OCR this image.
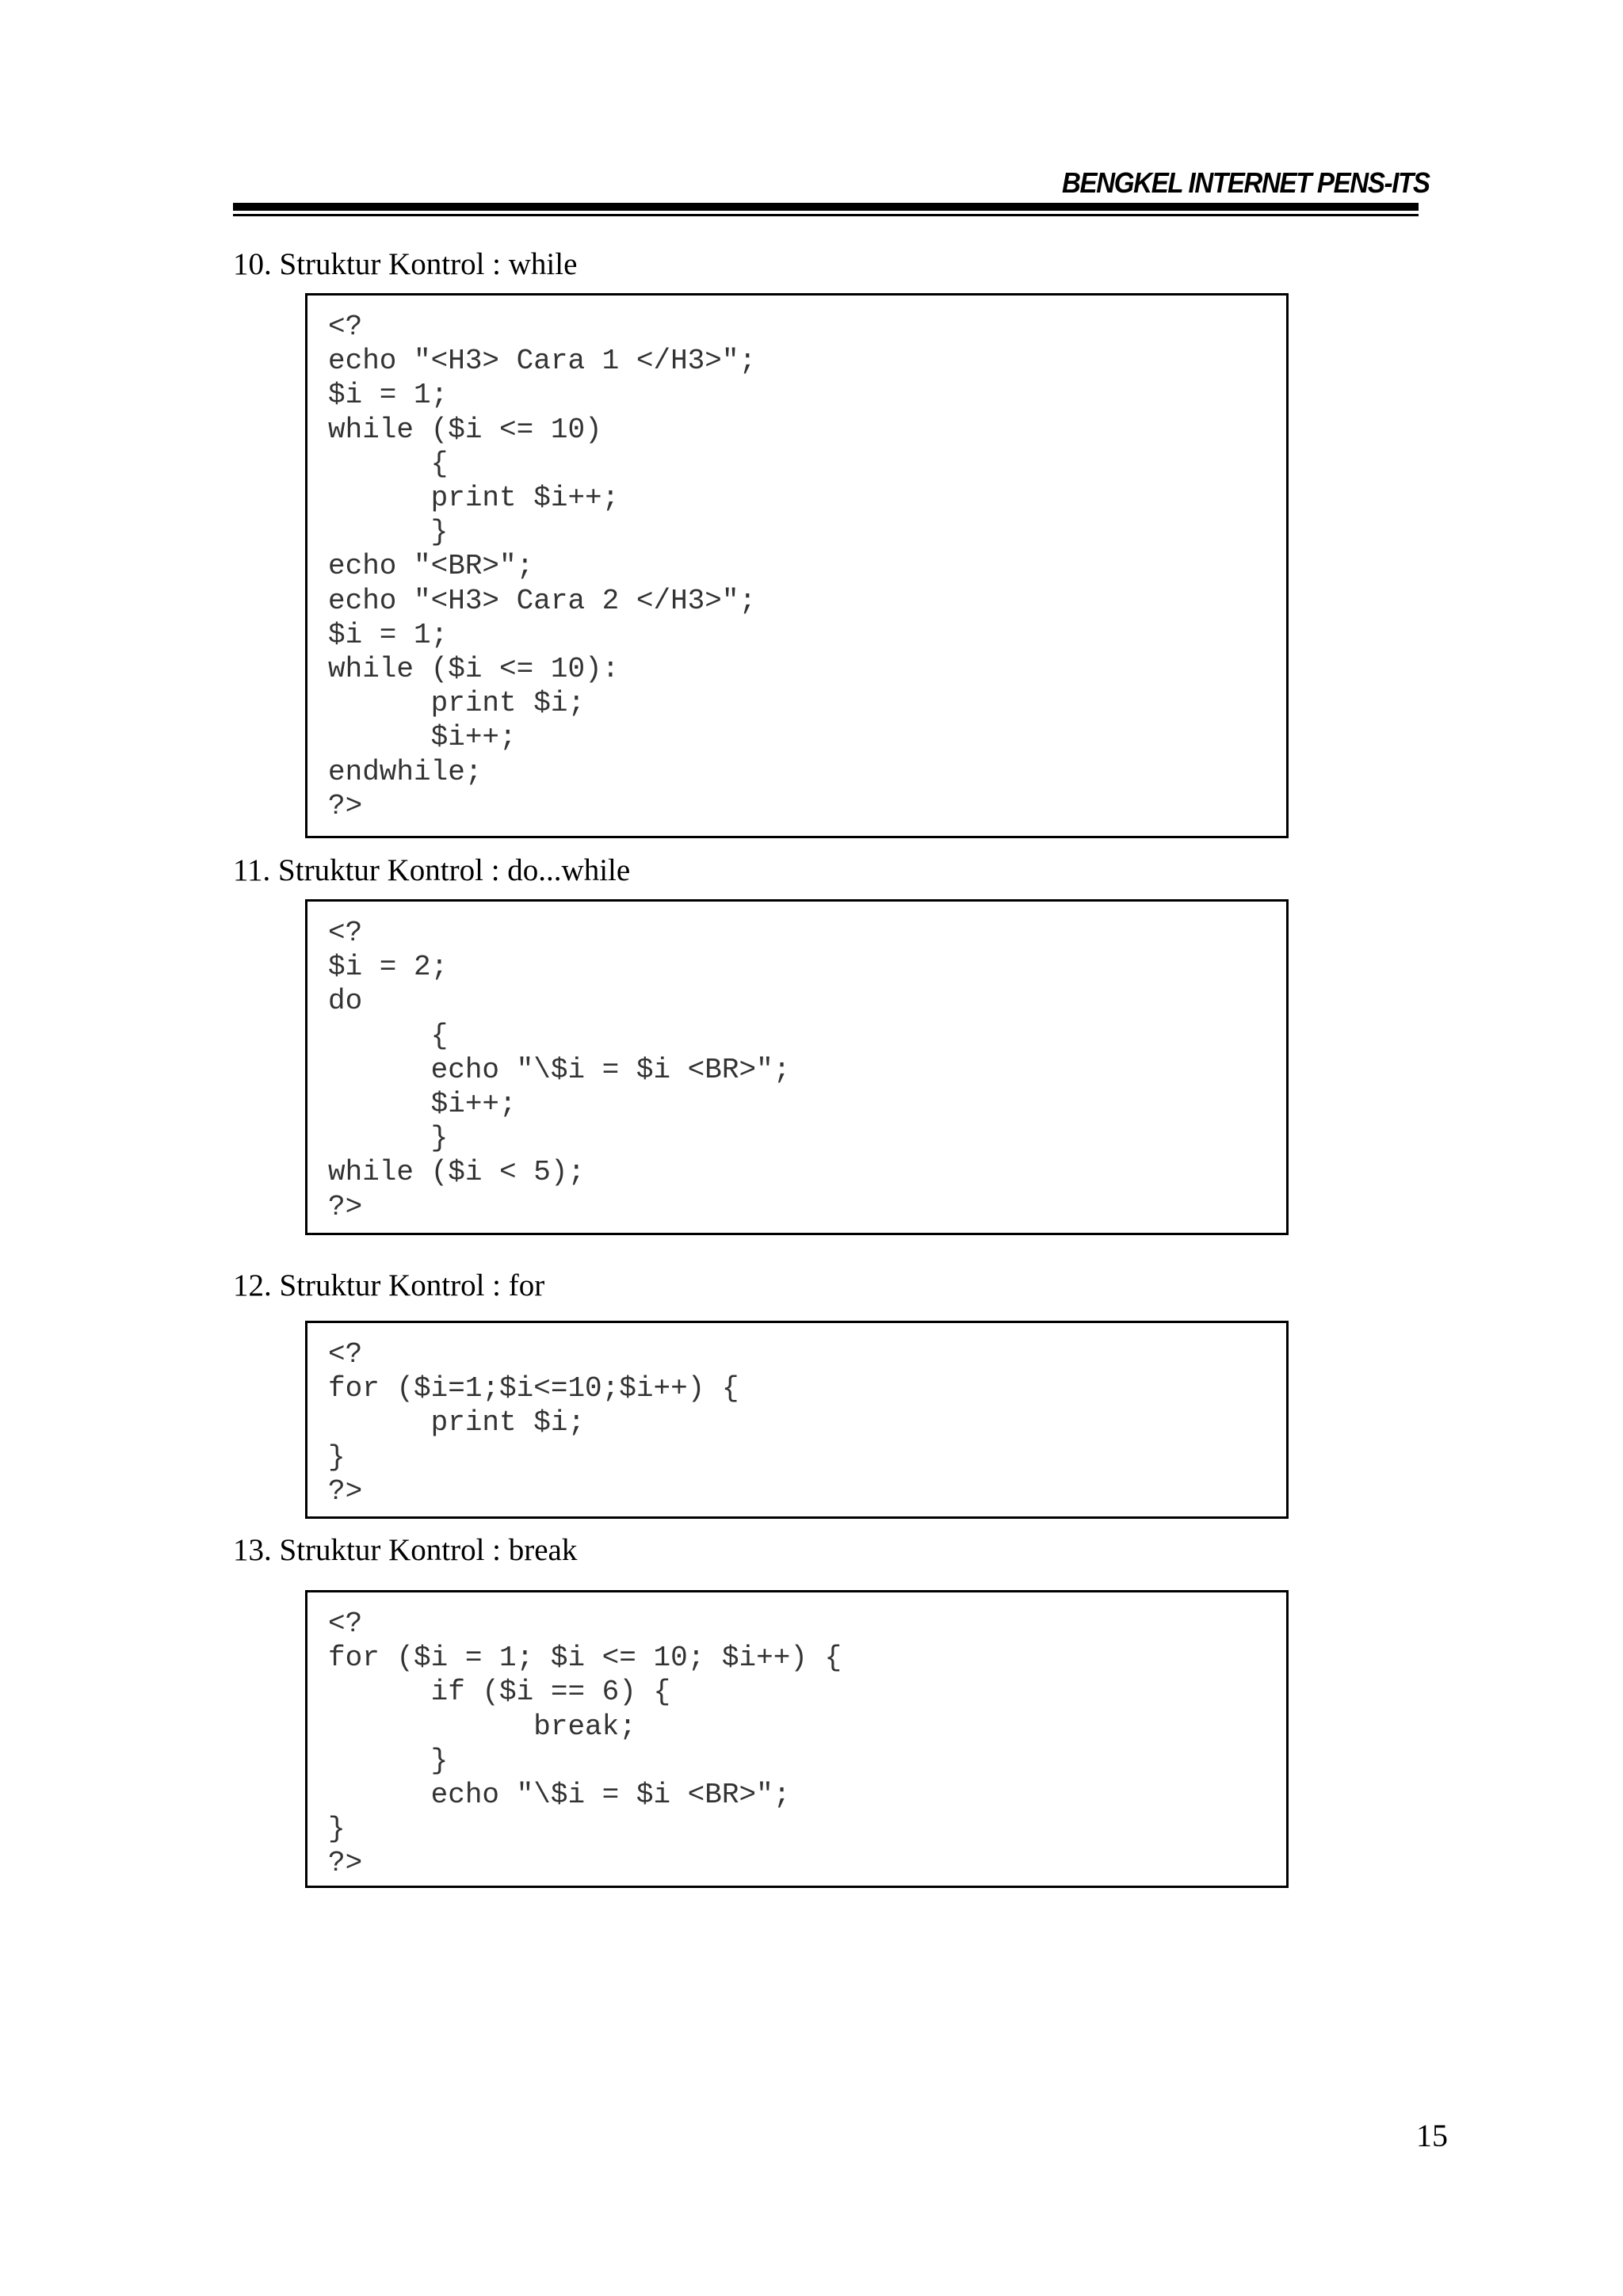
BENGKEL INTERNET PENS-ITS
10. Struktur Kontrol : while
<?
echo "<H3> Cara 1 </H3>";
$i = 1;
while ($i <= 10)
{
print $i++;
}
echo "<BR>";
echo "<H3> Cara 2 </H3>";
$i = 1;
while ($i <= 10):
print $i;
$i++;
endwhile;
?>
11. Struktur Kontrol : do...while
<?
$i = 2;
do
{
echo "\$i = $i <BR>";
$i++;
}
while ($i < 5);
?>
12. Struktur Kontrol : for
<?
for ($i=1;$i<=10;$i++) {
print $i;
}
?>
13. Struktur Kontrol : break
<?
for ($i = 1; $i <= 10; $i++) {
if ($i == 6) {
break;
}
echo "\$i = $i <BR>";
}
?>
15
